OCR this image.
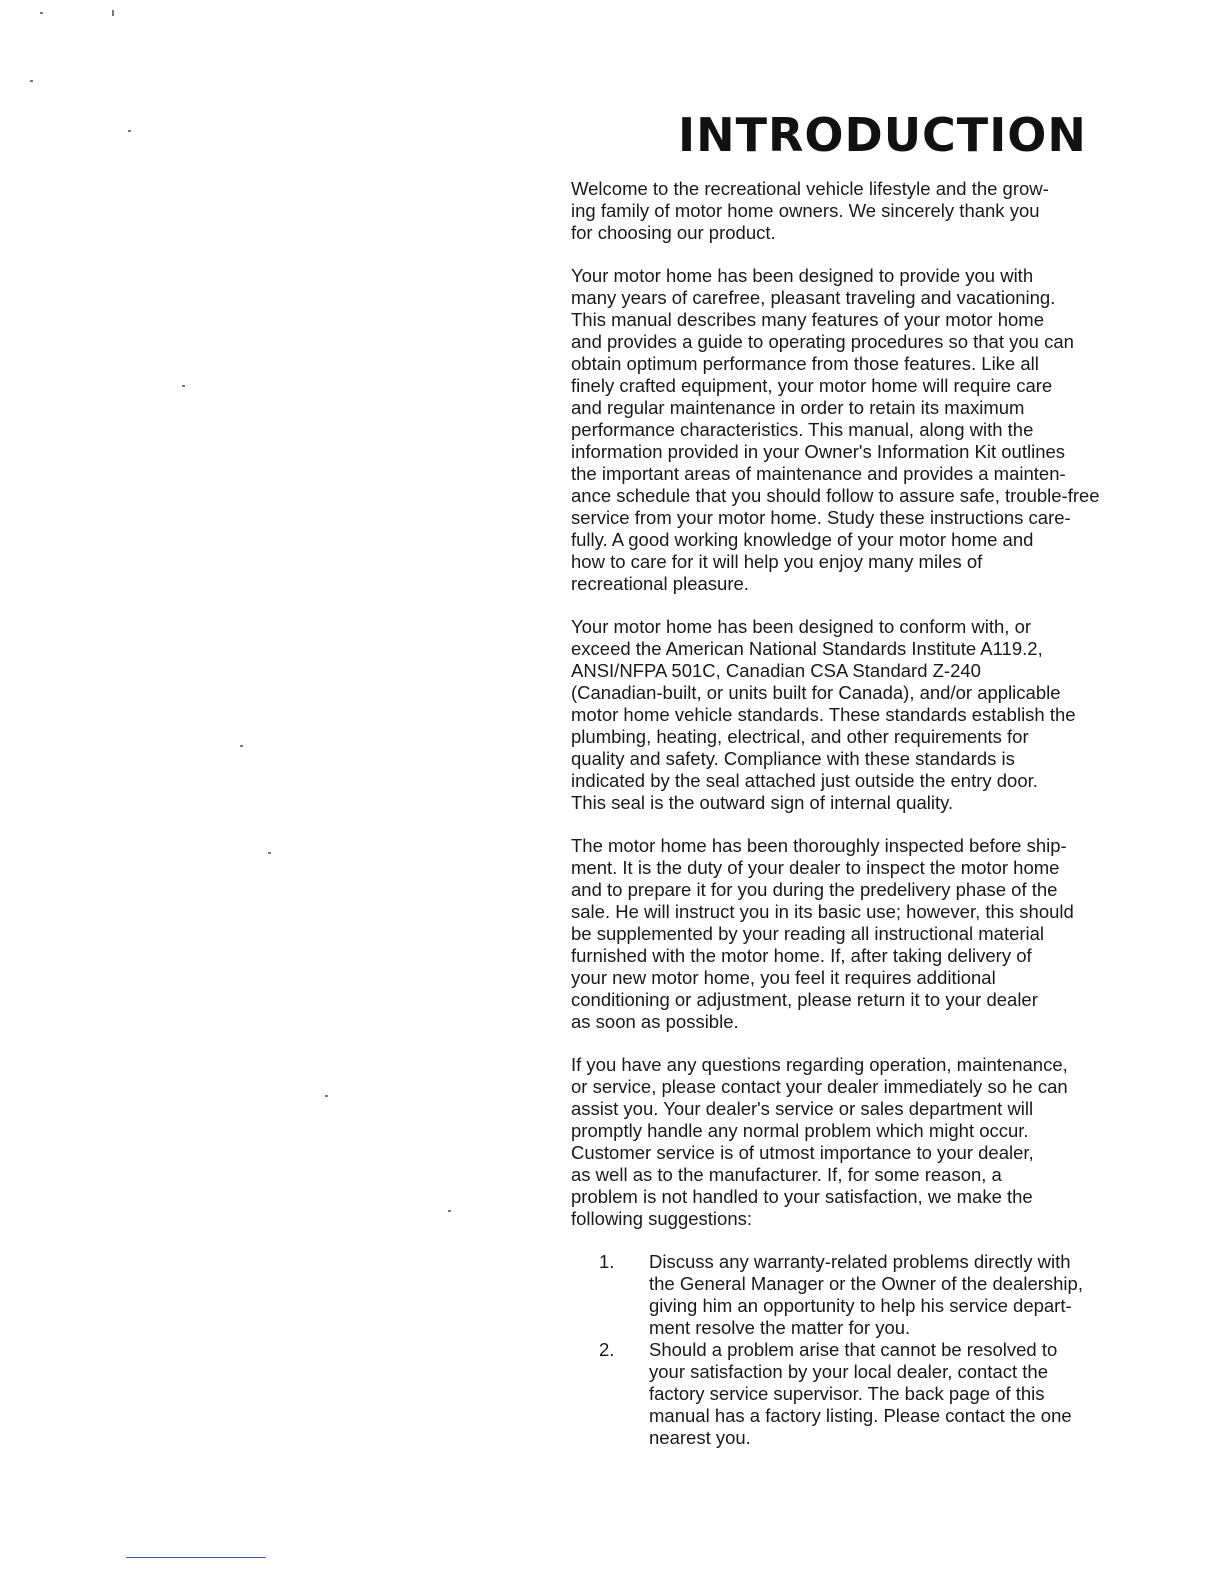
INTRODUCTION
Welcome to the recreational vehicle lifestyle and the grow-
ing family of motor home owners. We sincerely thank you
for choosing our product.
Your motor home has been designed to provide you with
many years of carefree, pleasant traveling and vacationing.
This manual describes many features of your motor home
and provides a guide to operating procedures so that you can
obtain optimum performance from those features. Like all
finely crafted equipment, your motor home will require care
and regular maintenance in order to retain its maximum
performance characteristics. This manual, along with the
information provided in your Owner's Information Kit outlines
the important areas of maintenance and provides a mainten-
ance schedule that you should follow to assure safe, trouble-free
service from your motor home. Study these instructions care-
fully. A good working knowledge of your motor home and
how to care for it will help you enjoy many miles of
recreational pleasure.
Your motor home has been designed to conform with, or
exceed the American National Standards Institute A119.2,
ANSI/NFPA 501C, Canadian CSA Standard Z-240
(Canadian-built, or units built for Canada), and/or applicable
motor home vehicle standards. These standards establish the
plumbing, heating, electrical, and other requirements for
quality and safety. Compliance with these standards is
indicated by the seal attached just outside the entry door.
This seal is the outward sign of internal quality.
The motor home has been thoroughly inspected before ship-
ment. It is the duty of your dealer to inspect the motor home
and to prepare it for you during the predelivery phase of the
sale. He will instruct you in its basic use; however, this should
be supplemented by your reading all instructional material
furnished with the motor home. If, after taking delivery of
your new motor home, you feel it requires additional
conditioning or adjustment, please return it to your dealer
as soon as possible.
If you have any questions regarding operation, maintenance,
or service, please contact your dealer immediately so he can
assist you. Your dealer's service or sales department will
promptly handle any normal problem which might occur.
Customer service is of utmost importance to your dealer,
as well as to the manufacturer. If, for some reason, a
problem is not handled to your satisfaction, we make the
following suggestions:
1. Discuss any warranty-related problems directly with
the General Manager or the Owner of the dealership,
giving him an opportunity to help his service depart-
ment resolve the matter for you.
2. Should a problem arise that cannot be resolved to
your satisfaction by your local dealer, contact the
factory service supervisor. The back page of this
manual has a factory listing. Please contact the one
nearest you.
